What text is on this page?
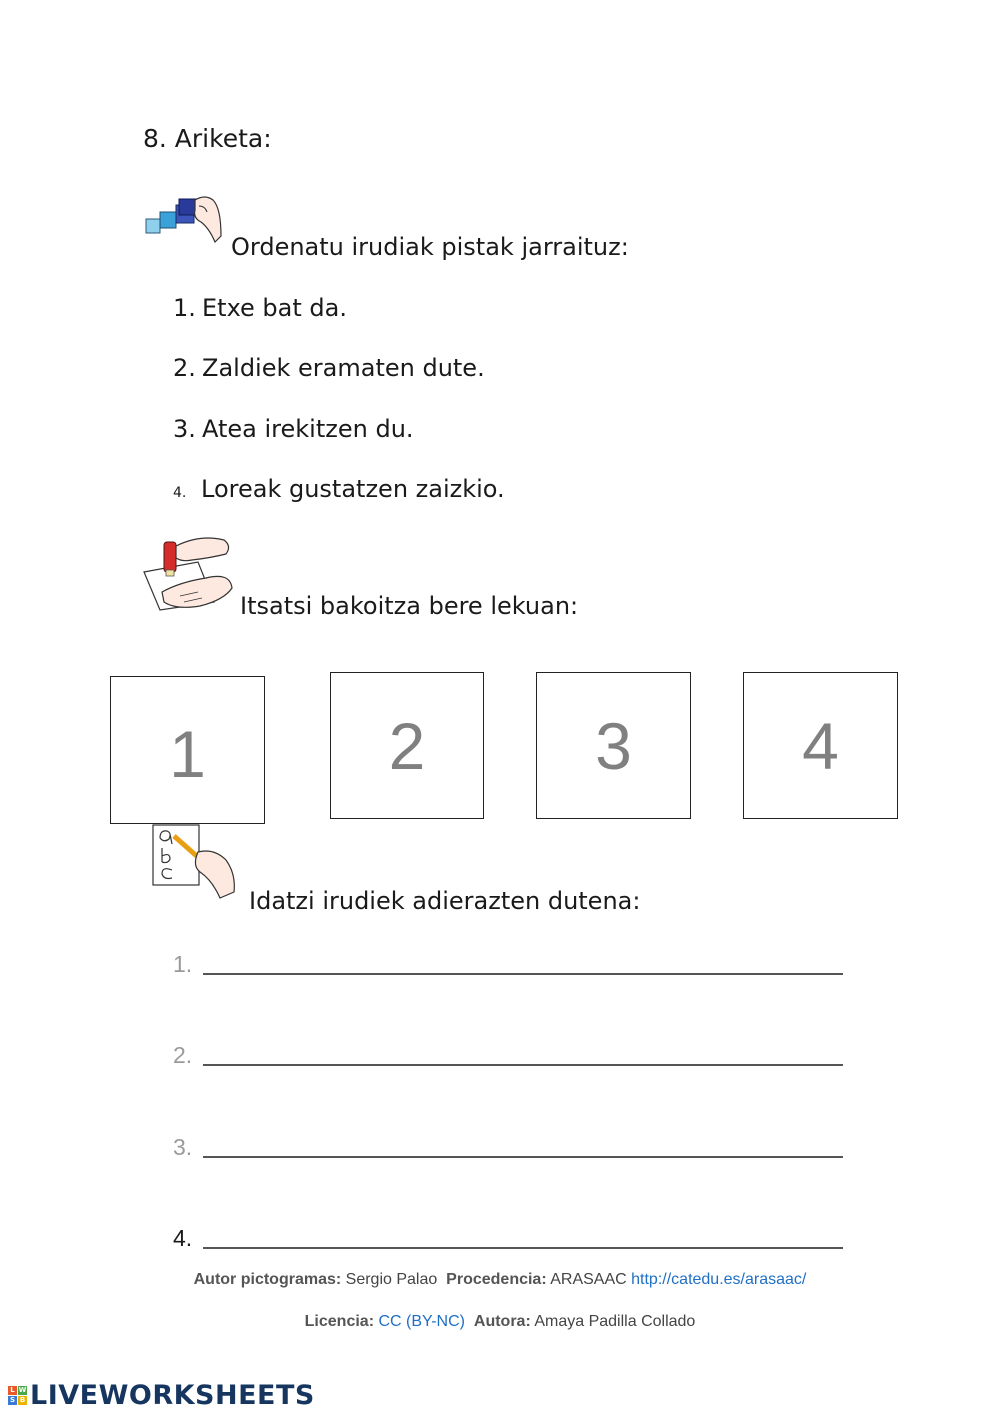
8. Ariketa:
Ordenatu irudiak pistak jarraituz:
1. Etxe bat da.
2. Zaldiek eramaten dute.
3. Atea irekitzen du.
4. Loreak gustatzen zaizkio.
Itsatsi bakoitza bere lekuan:
1	2	3	4
Idatzi irudiek adierazten dutena:
1.
2.
3.
4.
Autor pictogramas: Sergio Palao Procedencia: ARASAAC http://catedu.es/arasaac/
Licencia: CC (BY-NC) Autora: Amaya Padilla Collado
L W
S B LIVEWORKSHEETS
